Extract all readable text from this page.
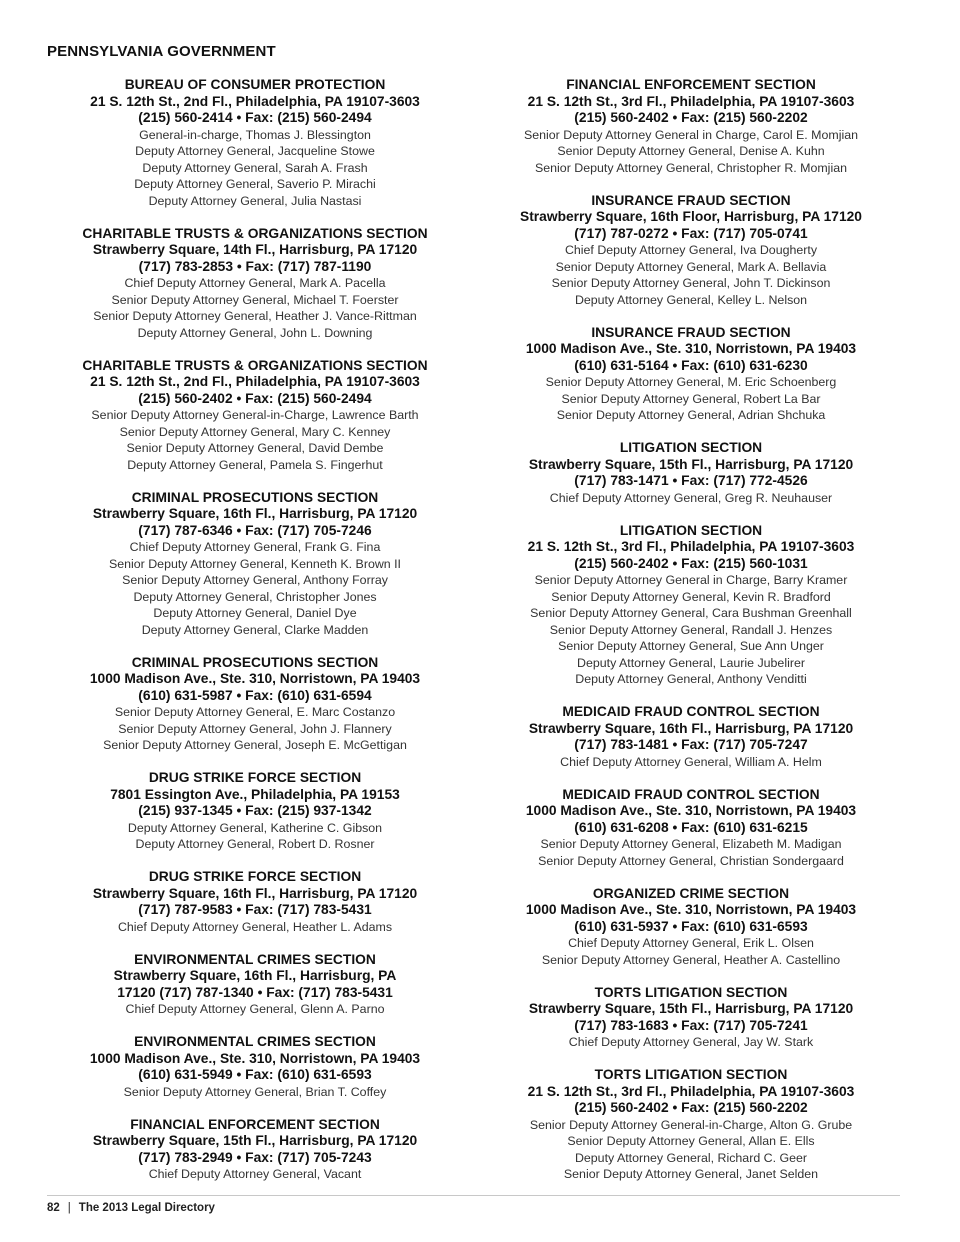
PENNSYLVANIA GOVERNMENT
BUREAU OF CONSUMER PROTECTION
21 S. 12th St., 2nd Fl., Philadelphia, PA 19107-3603
(215) 560-2414 • Fax: (215) 560-2494
General-in-charge, Thomas J. Blessington
Deputy Attorney General, Jacqueline Stowe
Deputy Attorney General, Sarah A. Frash
Deputy Attorney General, Saverio P. Mirachi
Deputy Attorney General, Julia Nastasi
CHARITABLE TRUSTS & ORGANIZATIONS SECTION
Strawberry Square, 14th Fl., Harrisburg, PA 17120
(717) 783-2853 • Fax: (717) 787-1190
Chief Deputy Attorney General, Mark A. Pacella
Senior Deputy Attorney General, Michael T. Foerster
Senior Deputy Attorney General, Heather J. Vance-Rittman
Deputy Attorney General, John L. Downing
CHARITABLE TRUSTS & ORGANIZATIONS SECTION
21 S. 12th St., 2nd Fl., Philadelphia, PA 19107-3603
(215) 560-2402 • Fax: (215) 560-2494
Senior Deputy Attorney General-in-Charge, Lawrence Barth
Senior Deputy Attorney General, Mary C. Kenney
Senior Deputy Attorney General, David Dembe
Deputy Attorney General, Pamela S. Fingerhut
CRIMINAL PROSECUTIONS SECTION
Strawberry Square, 16th Fl., Harrisburg, PA 17120
(717) 787-6346 • Fax: (717) 705-7246
Chief Deputy Attorney General, Frank G. Fina
Senior Deputy Attorney General, Kenneth K. Brown II
Senior Deputy Attorney General, Anthony Forray
Deputy Attorney General, Christopher Jones
Deputy Attorney General, Daniel Dye
Deputy Attorney General, Clarke Madden
CRIMINAL PROSECUTIONS SECTION
1000 Madison Ave., Ste. 310, Norristown, PA 19403
(610) 631-5987 • Fax: (610) 631-6594
Senior Deputy Attorney General, E. Marc Costanzo
Senior Deputy Attorney General, John J. Flannery
Senior Deputy Attorney General, Joseph E. McGettigan
DRUG STRIKE FORCE SECTION
7801 Essington Ave., Philadelphia, PA 19153
(215) 937-1345 • Fax: (215) 937-1342
Deputy Attorney General, Katherine C. Gibson
Deputy Attorney General, Robert D. Rosner
DRUG STRIKE FORCE SECTION
Strawberry Square, 16th Fl., Harrisburg, PA 17120
(717) 787-9583 • Fax: (717) 783-5431
Chief Deputy Attorney General, Heather L. Adams
ENVIRONMENTAL CRIMES SECTION
Strawberry Square, 16th Fl., Harrisburg, PA
17120 (717) 787-1340 • Fax: (717) 783-5431
Chief Deputy Attorney General, Glenn A. Parno
ENVIRONMENTAL CRIMES SECTION
1000 Madison Ave., Ste. 310, Norristown, PA 19403
(610) 631-5949 • Fax: (610) 631-6593
Senior Deputy Attorney General, Brian T. Coffey
FINANCIAL ENFORCEMENT SECTION
Strawberry Square, 15th Fl., Harrisburg, PA 17120
(717) 783-2949 • Fax: (717) 705-7243
Chief Deputy Attorney General, Vacant
FINANCIAL ENFORCEMENT SECTION
21 S. 12th St., 3rd Fl., Philadelphia, PA 19107-3603
(215) 560-2402 • Fax: (215) 560-2202
Senior Deputy Attorney General in Charge, Carol E. Momjian
Senior Deputy Attorney General, Denise A. Kuhn
Senior Deputy Attorney General, Christopher R. Momjian
INSURANCE FRAUD SECTION
Strawberry Square, 16th Floor, Harrisburg, PA 17120
(717) 787-0272 • Fax: (717) 705-0741
Chief Deputy Attorney General, Iva Dougherty
Senior Deputy Attorney General, Mark A. Bellavia
Senior Deputy Attorney General, John T. Dickinson
Deputy Attorney General, Kelley L. Nelson
INSURANCE FRAUD SECTION
1000 Madison Ave., Ste. 310, Norristown, PA 19403
(610) 631-5164 • Fax: (610) 631-6230
Senior Deputy Attorney General, M. Eric Schoenberg
Senior Deputy Attorney General, Robert La Bar
Senior Deputy Attorney General, Adrian Shchuka
LITIGATION SECTION
Strawberry Square, 15th Fl., Harrisburg, PA 17120
(717) 783-1471 • Fax: (717) 772-4526
Chief Deputy Attorney General, Greg R. Neuhauser
LITIGATION SECTION
21 S. 12th St., 3rd Fl., Philadelphia, PA 19107-3603
(215) 560-2402 • Fax: (215) 560-1031
Senior Deputy Attorney General in Charge, Barry Kramer
Senior Deputy Attorney General, Kevin R. Bradford
Senior Deputy Attorney General, Cara Bushman Greenhall
Senior Deputy Attorney General, Randall J. Henzes
Senior Deputy Attorney General, Sue Ann Unger
Deputy Attorney General, Laurie Jubelirer
Deputy Attorney General, Anthony Venditti
MEDICAID FRAUD CONTROL SECTION
Strawberry Square, 16th Fl., Harrisburg, PA 17120
(717) 783-1481 • Fax: (717) 705-7247
Chief Deputy Attorney General, William A. Helm
MEDICAID FRAUD CONTROL SECTION
1000 Madison Ave., Ste. 310, Norristown, PA 19403
(610) 631-6208 • Fax: (610) 631-6215
Senior Deputy Attorney General, Elizabeth M. Madigan
Senior Deputy Attorney General, Christian Sondergaard
ORGANIZED CRIME SECTION
1000 Madison Ave., Ste. 310, Norristown, PA 19403
(610) 631-5937 • Fax: (610) 631-6593
Chief Deputy Attorney General, Erik L. Olsen
Senior Deputy Attorney General, Heather A. Castellino
TORTS LITIGATION SECTION
Strawberry Square, 15th Fl., Harrisburg, PA 17120
(717) 783-1683 • Fax: (717) 705-7241
Chief Deputy Attorney General, Jay W. Stark
TORTS LITIGATION SECTION
21 S. 12th St., 3rd Fl., Philadelphia, PA 19107-3603
(215) 560-2402 • Fax: (215) 560-2202
Senior Deputy Attorney General-in-Charge, Alton G. Grube
Senior Deputy Attorney General, Allan E. Ells
Deputy Attorney General, Richard C. Geer
Senior Deputy Attorney General, Janet Selden
82 | The 2013 Legal Directory
